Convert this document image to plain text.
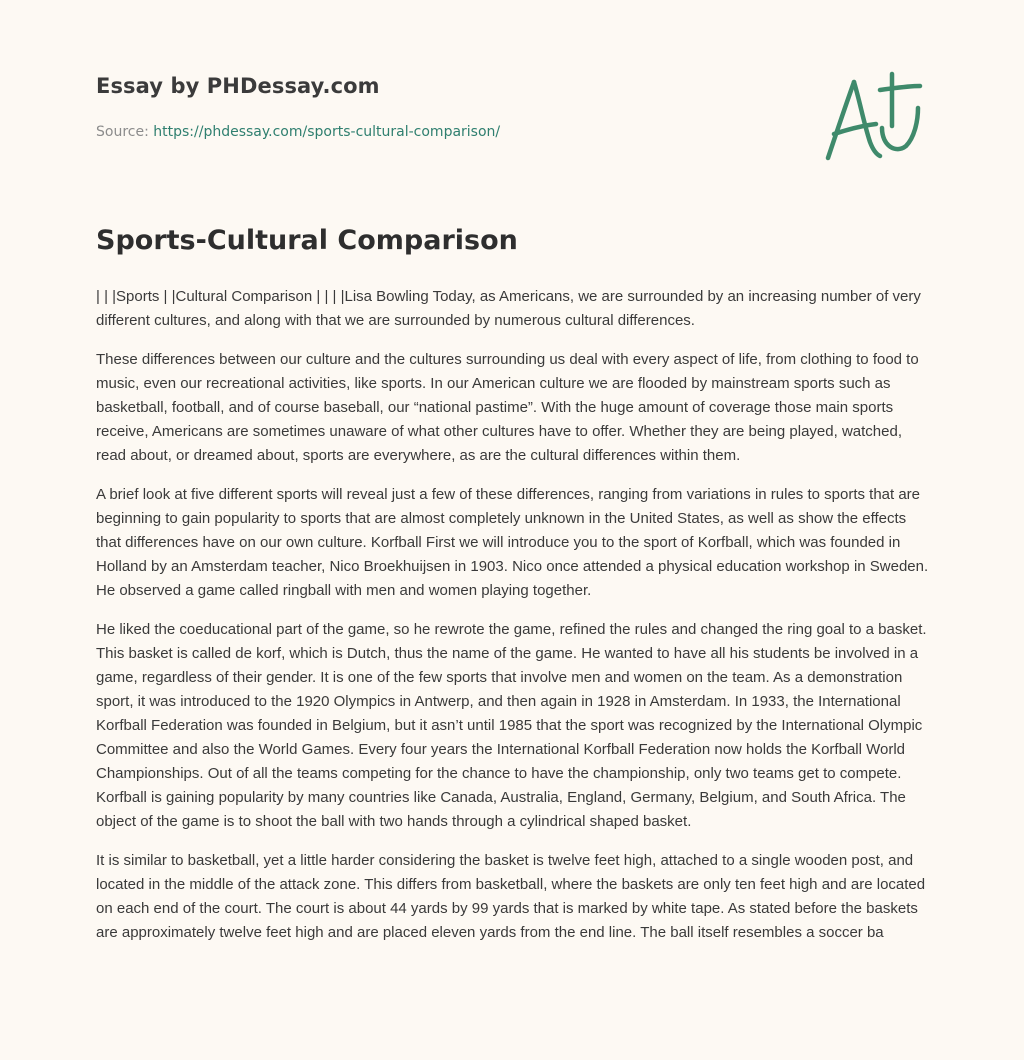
Essay by PHDessay.com
Source: https://phdessay.com/sports-cultural-comparison/
Sports-Cultural Comparison

| | |Sports | |Cultural Comparison | | | |Lisa Bowling Today, as Americans, we are surrounded by an increasing number of very different cultures, and along with that we are surrounded by numerous cultural differences.

These differences between our culture and the cultures surrounding us deal with every aspect of life, from clothing to food to music, even our recreational activities, like sports. In our American culture we are flooded by mainstream sports such as basketball, football, and of course baseball, our “national pastime”. With the huge amount of coverage those main sports receive, Americans are sometimes unaware of what other cultures have to offer. Whether they are being played, watched, read about, or dreamed about, sports are everywhere, as are the cultural differences within them.

A brief look at five different sports will reveal just a few of these differences, ranging from variations in rules to sports that are beginning to gain popularity to sports that are almost completely unknown in the United States, as well as show the effects that differences have on our own culture. Korfball First we will introduce you to the sport of Korfball, which was founded in Holland by an Amsterdam teacher, Nico Broekhuijsen in 1903. Nico once attended a physical education workshop in Sweden. He observed a game called ringball with men and women playing together.

He liked the coeducational part of the game, so he rewrote the game, refined the rules and changed the ring goal to a basket. This basket is called de korf, which is Dutch, thus the name of the game. He wanted to have all his students be involved in a game, regardless of their gender. It is one of the few sports that involve men and women on the team. As a demonstration sport, it was introduced to the 1920 Olympics in Antwerp, and then again in 1928 in Amsterdam. In 1933, the International Korfball Federation was founded in Belgium, but it asn’t until 1985 that the sport was recognized by the International Olympic Committee and also the World Games. Every four years the International Korfball Federation now holds the Korfball World Championships. Out of all the teams competing for the chance to have the championship, only two teams get to compete. Korfball is gaining popularity by many countries like Canada, Australia, England, Germany, Belgium, and South Africa. The object of the game is to shoot the ball with two hands through a cylindrical shaped basket.

It is similar to basketball, yet a little harder considering the basket is twelve feet high, attached to a single wooden post, and located in the middle of the attack zone. This differs from basketball, where the baskets are only ten feet high and are located on each end of the court. The court is about 44 yards by 99 yards that is marked by white tape. As stated before the baskets are approximately twelve feet high and are placed eleven yards from the end line. The ball itself resembles a soccer ba
